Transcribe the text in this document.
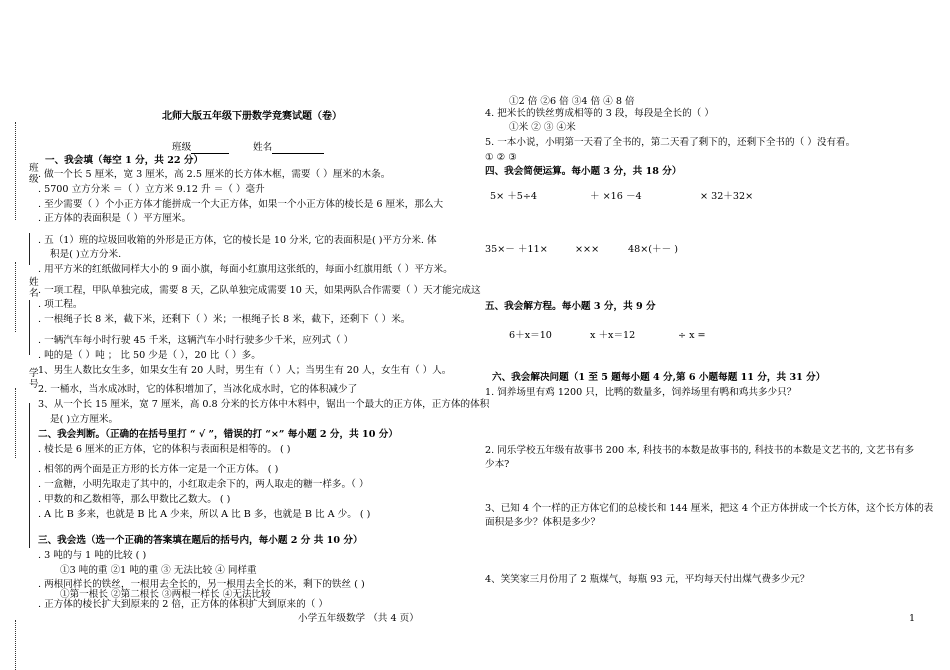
班级
姓名
学号
北师大版五年级下册数学竞赛试题（卷）
班级	姓名
一、我会填（每空 1 分，共 22 分）
. 做一个长 5 厘米，宽 3 厘米，高 2.5 厘米的长方体木框，需要（ ）厘米的木条。
. 5700 立方分米 ＝（ ）立方米 9.12 升 ＝（ ）毫升
. 至少需要（ ）个小正方体才能拼成一个大正方体，如果一个小正方体的棱长是 6 厘米，那么大
. 正方体的表面积是（ ）平方厘米。
. 五（1）班的垃圾回收箱的外形是正方体，它的棱长是 10 分米, 它的表面积是( )平方分米. 体
积是( )立方分米.
. 用平方米的红纸做同样大小的 9 面小旗，每面小红旗用这张纸的，每面小红旗用纸（ ）平方米。
. 一项工程，甲队单独完成，需要 8 天，乙队单独完成需要 10 天，如果两队合作需要（ ）天才能完成这
. 项工程。
. 一根绳子长 8 米，截下米，还剩下（ ）米；一根绳子长 8 米，截下，还剩下（ ）米。
. 一辆汽车每小时行驶 45 千米，这辆汽车小时行驶多少千米，应列式（ ）
. 吨的是（ ）吨 ； 比 50 少是（ ），20 比（ ）多。
1、男生人数比女生多，如果女生有 20 人时，男生有（ ）人；当男生有 20 人，女生有（ ）人。
2. 一桶水，当水成冰时，它的体积增加了，当冰化成水时，它的体积减少了
3、从一个长 15 厘米，宽 7 厘米，高 0.8 分米的长方体中木料中，锯出一个最大的正方体，正方体的体积
是( )立方厘米。
二、我会判断。（正确的在括号里打 “ √ ”，错误的打 “×” 每小题 2 分，共 10 分）
. 棱长是 6 厘米的正方体，它的体积与表面积是相等的。 ( )
. 相邻的两个面是正方形的长方体一定是一个正方体。 ( )
. 一盒糖，小明先取走了其中的，小红取走余下的，两人取走的糖一样多。（ ）
. 甲数的和乙数相等，那么甲数比乙数大。 ( )
. A 比 B 多来，也就是 B 比 A 少来，所以 A 比 B 多，也就是 B 比 A 少。 ( )
三、我会选（选一个正确的答案填在题后的括号内，每小题 2 分 共 10 分）
. 3 吨的与 1 吨的比较 ( )
①3 吨的重 ②1 吨的重 ③ 无法比较 ④ 同样重
. 两根同样长的铁丝，一根用去全长的，另一根用去全长的米，剩下的铁丝 ( )
①第一根长 ②第二根长 ③两根一样长 ④无法比较
. 正方体的棱长扩大到原来的 2 倍，正方体的体积扩大到原来的（ ）
①2 倍 ②6 倍 ③4 倍 ④ 8 倍
4. 把米长的铁丝剪成相等的 3 段，每段是全长的（ ）
①米 ② ③ ④米
5. 一本小说，小明第一天看了全书的，第二天看了剩下的，还剩下全书的（ ）没有看。
① ② ③
四、我会简便运算。每小题 3 分，共 18 分）
5× ＋5÷4	＋ ×16 －4	× 32＋32×
35×－ ＋11×	×××	48×(＋－ )
五、我会解方程。每小题 3 分，共 9 分
6＋x＝10	x ＋x＝12	÷ x =
六、我会解决问题（1 至 5 题每小题 4 分,第 6 小题每题 11 分，共 31 分）
1. 饲养场里有鸡 1200 只，比鸭的数量多，饲养场里有鸭和鸡共多少只？
2. 同乐学校五年级有故事书 200 本, 科技书的本数是故事书的, 科技书的本数是文艺书的, 文艺书有多
少本?
3、已知 4 个一样的正方体它们的总棱长和 144 厘米，把这 4 个正方体拼成一个长方体，这个长方体的表
面积是多少？体积是多少？
4、笑笑家三月份用了 2 瓶煤气，每瓶 93 元，平均每天付出煤气费多少元？
小学五年级数学 （共 4 页）	1
